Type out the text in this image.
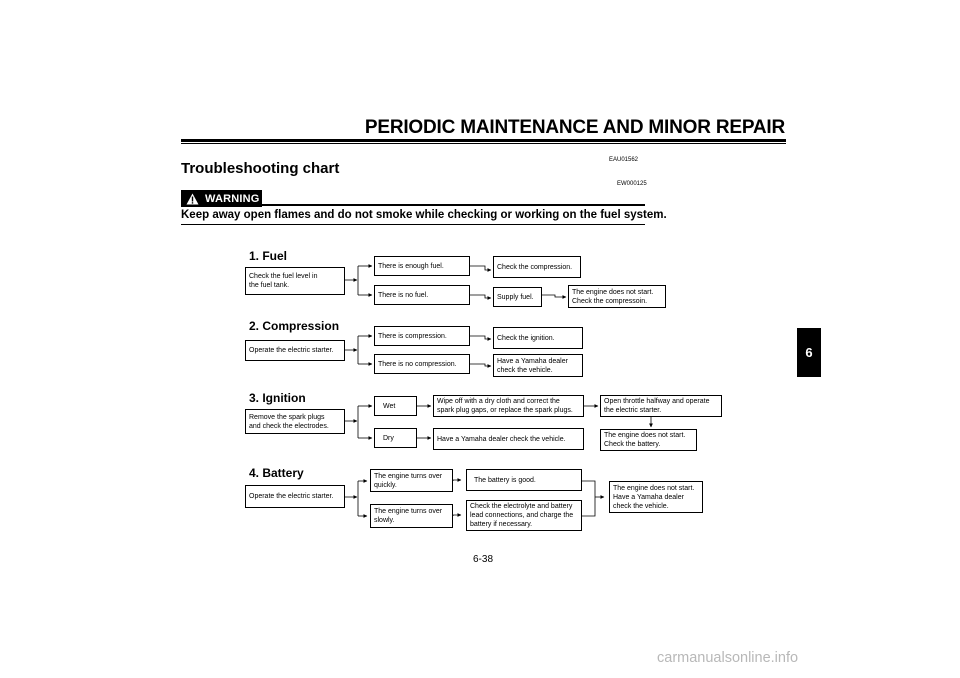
PERIODIC MAINTENANCE AND MINOR REPAIR
EAU01562
Troubleshooting chart
EW000125
WARNING
Keep away open flames and do not smoke while checking or working on the fuel system.
1. Fuel
Check the fuel level in
the fuel tank.
There is enough fuel.
There is no fuel.
Check the compression.
Supply fuel.
The engine does not start.
Check the compressoin.
2. Compression
Operate the electric starter.
There is compression.
There is no compression.
Check the ignition.
Have a Yamaha dealer
check the vehicle.
3. Ignition
Remove the spark plugs
and check the electrodes.
Wet
Dry
Wipe off with a dry cloth and correct the
spark plug gaps, or replace the spark plugs.
Have a Yamaha dealer check the vehicle.
Open throttle halfway and operate
the electric starter.
The engine does not start.
Check the battery.
4. Battery
Operate the electric starter.
The engine turns over
quickly.
The engine turns over
slowly.
The battery is good.
Check the electrolyte and battery
lead connections, and charge the
battery if necessary.
The engine does not start.
Have a Yamaha dealer
check the vehicle.
6
6-38
carmanualsonline.info
